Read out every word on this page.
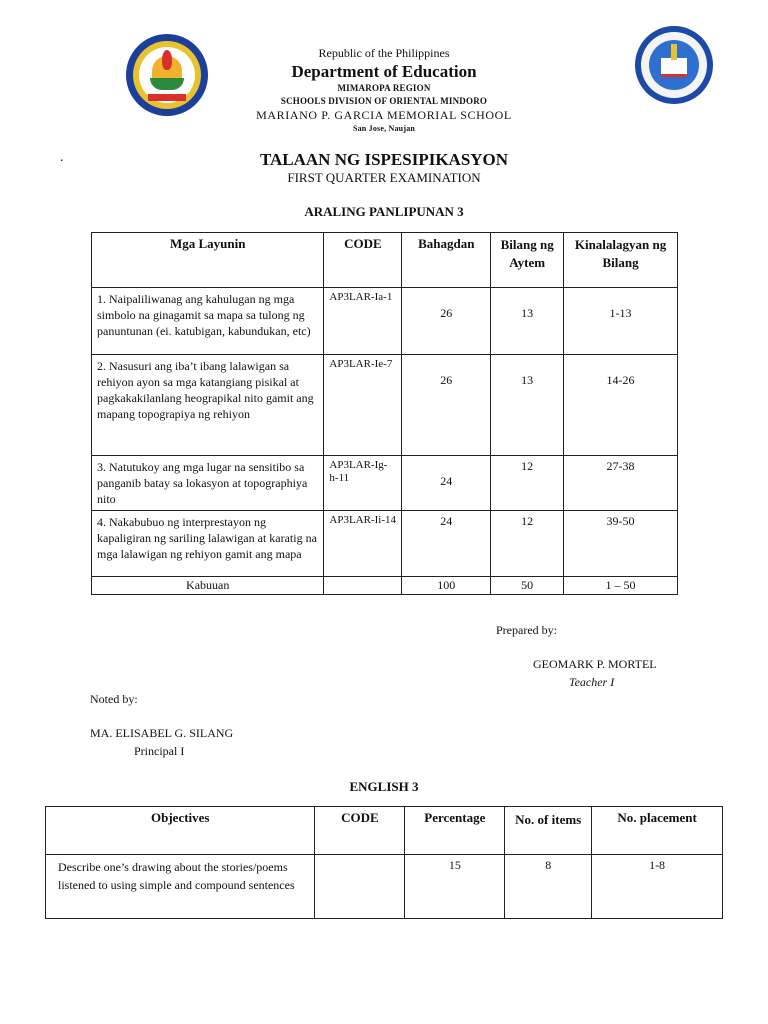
Republic of the Philippines
Department of Education
MIMAROPA REGION
SCHOOLS DIVISION OF ORIENTAL MINDORO
MARIANO P. GARCIA MEMORIAL SCHOOL
San Jose, Naujan
.	TALAAN NG ISPESIPIKASYON
FIRST QUARTER EXAMINATION
ARALING PANLIPUNAN 3
Mga Layunin	CODE	Bahagdan	Bilang ng Aytem	Kinalalagyan ng Bilang
1. Naipaliliwanag ang kahulugan ng mga simbolo na ginagamit sa mapa sa tulong ng panuntunan (ei. katubigan, kabundukan, etc)	AP3LAR-Ia-1	26	13	1-13
2. Nasusuri ang iba’t ibang lalawigan sa rehiyon ayon sa mga katangiang pisikal at pagkakakilanlang heograpikal nito gamit ang mapang topograpiya ng rehiyon	AP3LAR-Ie-7	26	13	14-26
3. Natutukoy ang mga lugar na sensitibo sa panganib batay sa lokasyon at topographiya nito	AP3LAR-Ig-h-11	24	12	27-38
4. Nakabubuo ng interprestayon ng kapaligiran ng sariling lalawigan at karatig na mga lalawigan ng rehiyon gamit ang mapa	AP3LAR-Ii-14	24	12	39-50
Kabuuan		100	50	1 – 50
Prepared by:
GEOMARK P. MORTEL
Teacher I
Noted by:
MA. ELISABEL G. SILANG
Principal I
ENGLISH 3
Objectives	CODE	Percentage	No. of items	No. placement
Describe one’s drawing about the stories/poems listened to using simple and compound sentences		15	8	1-8
